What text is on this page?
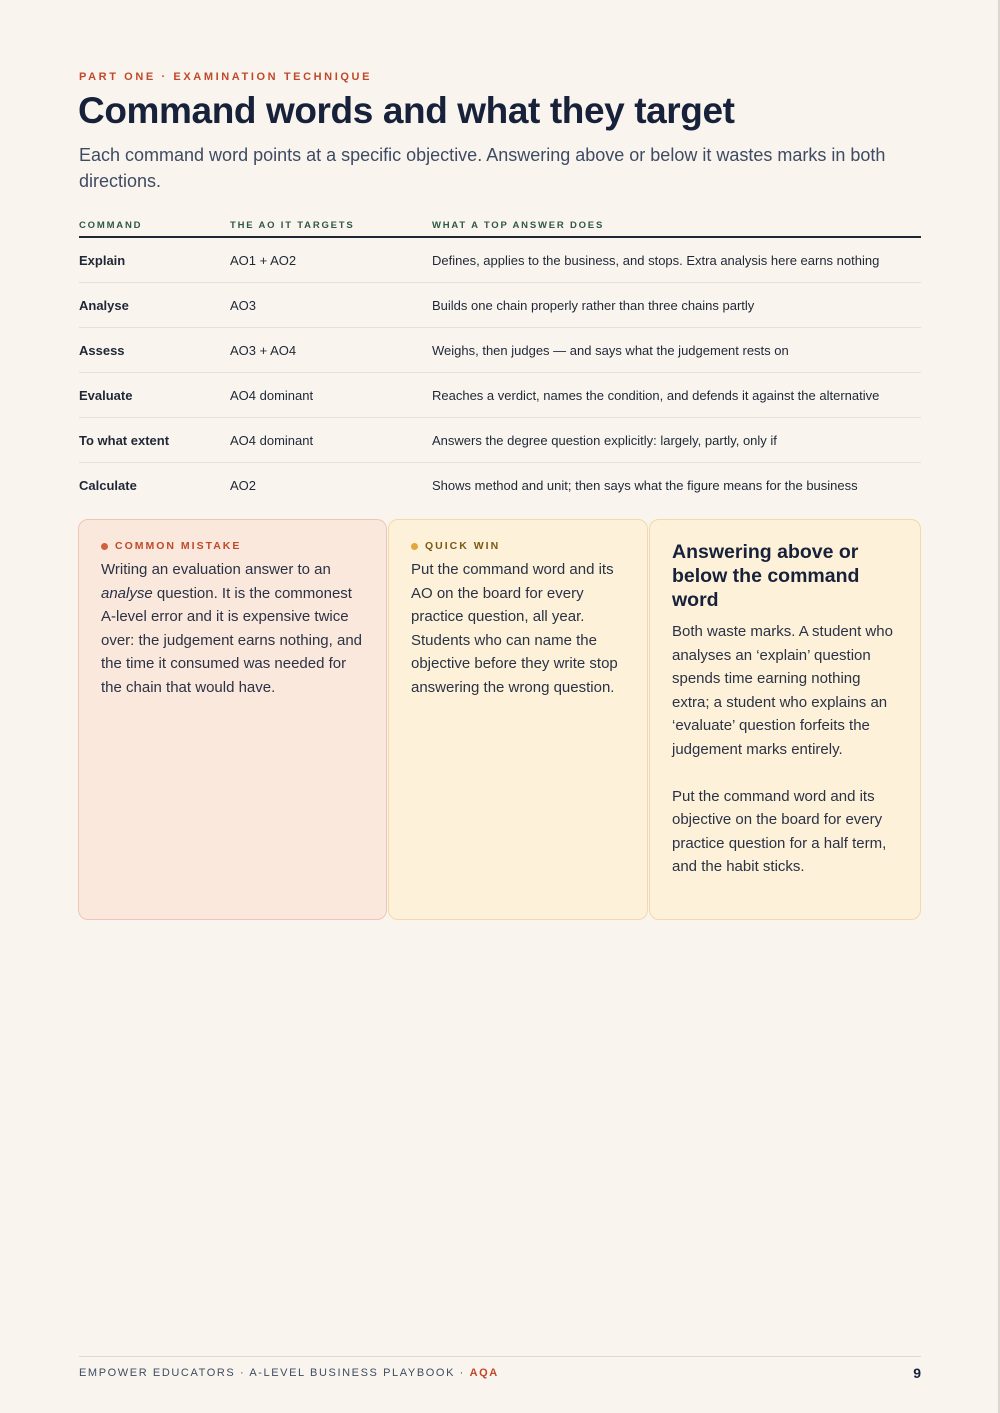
PART ONE · EXAMINATION TECHNIQUE
Command words and what they target

Each command word points at a specific objective. Answering above or below it wastes marks in both directions.

COMMAND	THE AO IT TARGETS	WHAT A TOP ANSWER DOES
Explain	AO1 + AO2	Defines, applies to the business, and stops. Extra analysis here earns nothing
Analyse	AO3	Builds one chain properly rather than three chains partly
Assess	AO3 + AO4	Weighs, then judges — and says what the judgement rests on
Evaluate	AO4 dominant	Reaches a verdict, names the condition, and defends it against the alternative
To what extent	AO4 dominant	Answers the degree question explicitly: largely, partly, only if
Calculate	AO2	Shows method and unit; then says what the figure means for the business
COMMON MISTAKE

Writing an evaluation answer to an analyse question. It is the commonest A-level error and it is expensive twice over: the judgement earns nothing, and the time it consumed was needed for the chain that would have.

QUICK WIN

Put the command word and its AO on the board for every practice question, all year. Students who can name the objective before they write stop answering the wrong question.

Answering above or below the command word

Both waste marks. A student who analyses an ‘explain’ question spends time earning nothing extra; a student who explains an ‘evaluate’ question forfeits the judgement marks entirely.

Put the command word and its objective on the board for every practice question for a half term, and the habit sticks.

EMPOWER EDUCATORS · A-LEVEL BUSINESS PLAYBOOK · AQA	9
